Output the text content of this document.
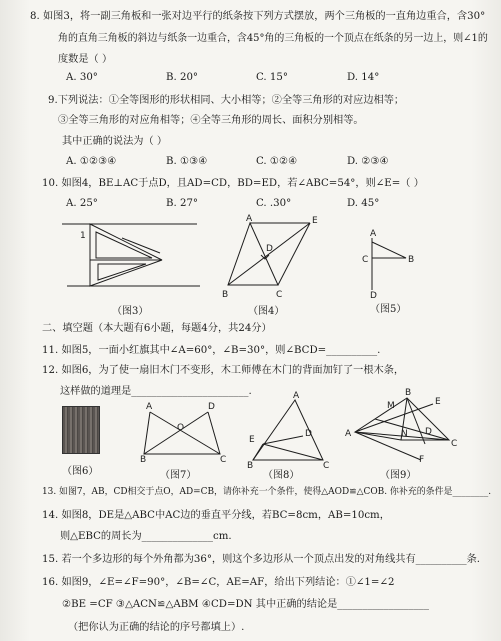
8. 如图3，将一副三角板和一张对边平行的纸条按下列方式摆放，两个三角板的一直角边重合，含30°
角的直角三角板的斜边与纸条一边重合，含45°角的三角板的一个顶点在纸条的另一边上，则∠1的
度数是（ ）
A. 30°	B. 20°	C. 15°	D. 14°
9.下列说法：①全等图形的形状相同、大小相等；②全等三角形的对应边相等；
③全等三角形的对应角相等；④全等三角形的周长、面积分别相等。
其中正确的说法为（ ）
A. ①②③④	B. ①③④	C. ①②④	D. ②③④
10. 如图4，BE⊥AC于点D，且AD=CD，BD=ED，若∠ABC=54°，则∠E=（ ）
A. 25°	B. 27°	C. .30°	D. 45°
1
（图3）
A	E
D
B	C
（图4）
A
C	B
D
（图5）
二、填空题（本大题有6小题，每题4分，共24分）
11. 如图5，一面小红旗其中∠A=60°，∠B=30°，则∠BCD=__________.
12. 如图6，为了使一扇旧木门不变形，木工师傅在木门的背面加钉了一根木条，
这样做的道理是_______________________.
（图6）
A	D
O
B	C
（图7）
A
E
D
B	C
（图8）
B
M	E
A	N D
C
F
（图9）
13. 如图7，AB，CD相交于点O，AD=CB，请你补充一个条件，使得△AOD≌△COB. 你补充的条件是________.
14. 如图8，DE是△ABC中AC边的垂直平分线，若BC=8cm，AB=10cm，
则△EBC的周长为______________cm.
15. 若一个多边形的每个外角都为36°，则这个多边形从一个顶点出发的对角线共有__________条.
16. 如图9，∠E=∠F=90°，∠B=∠C，AE=AF，给出下列结论：①∠1=∠2
②BE =CF ③△ACN≌△ABM ④CD=DN 其中正确的结论是__________________
（把你认为正确的结论的序号都填上）.
